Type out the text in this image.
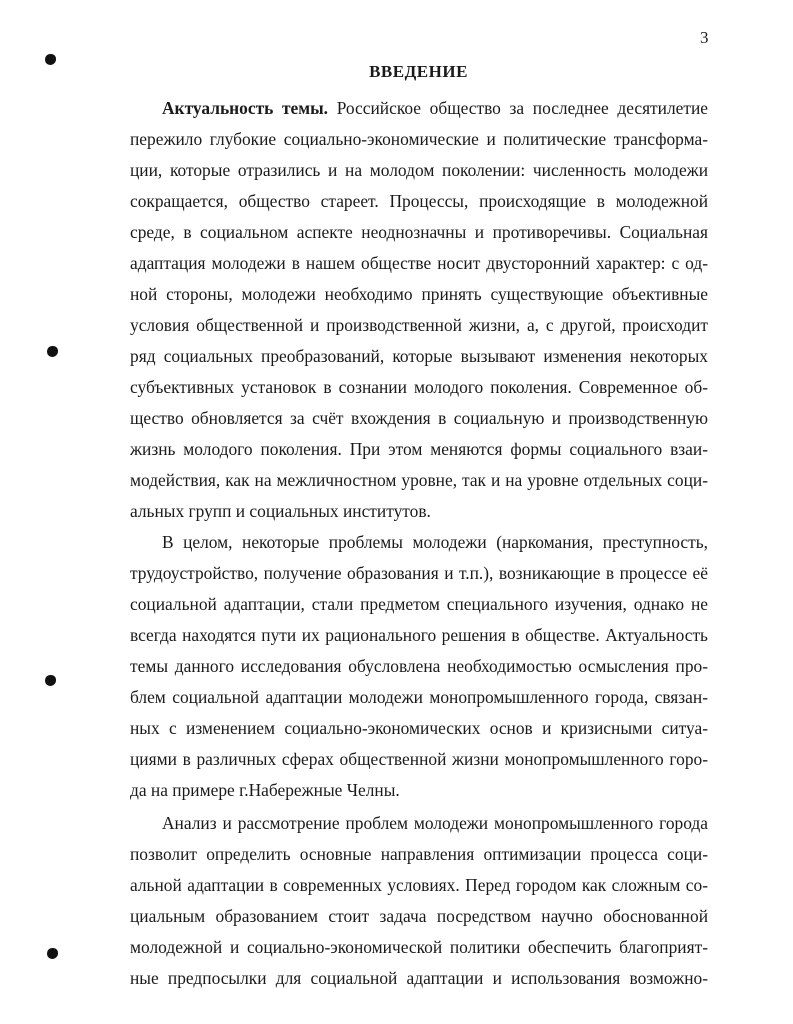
3
ВВЕДЕНИЕ
Актуальность темы. Российское общество за последнее десятилетие
пережило глубокие социально-экономические и политические трансформа-
ции, которые отразились и на молодом поколении: численность молодежи
сокращается, общество стареет. Процессы, происходящие в молодежной
среде, в социальном аспекте неоднозначны и противоречивы. Социальная
адаптация молодежи в нашем обществе носит двусторонний характер: с од-
ной стороны, молодежи необходимо принять существующие объективные
условия общественной и производственной жизни, а, с другой, происходит
ряд социальных преобразований, которые вызывают изменения некоторых
субъективных установок в сознании молодого поколения. Современное об-
щество обновляется за счёт вхождения в социальную и производственную
жизнь молодого поколения. При этом меняются формы социального взаи-
модействия, как на межличностном уровне, так и на уровне отдельных соци-
альных групп и социальных институтов.
В целом, некоторые проблемы молодежи (наркомания, преступность,
трудоустройство, получение образования и т.п.), возникающие в процессе её
социальной адаптации, стали предметом специального изучения, однако не
всегда находятся пути их рационального решения в обществе. Актуальность
темы данного исследования обусловлена необходимостью осмысления про-
блем социальной адаптации молодежи монопромышленного города, связан-
ных с изменением социально-экономических основ и кризисными ситуа-
циями в различных сферах общественной жизни монопромышленного горо-
да на примере г.Набережные Челны.
Анализ и рассмотрение проблем молодежи монопромышленного города
позволит определить основные направления оптимизации процесса соци-
альной адаптации в современных условиях. Перед городом как сложным со-
циальным образованием стоит задача посредством научно обоснованной
молодежной и социально-экономической политики обеспечить благоприят-
ные предпосылки для социальной адаптации и использования возможно-
